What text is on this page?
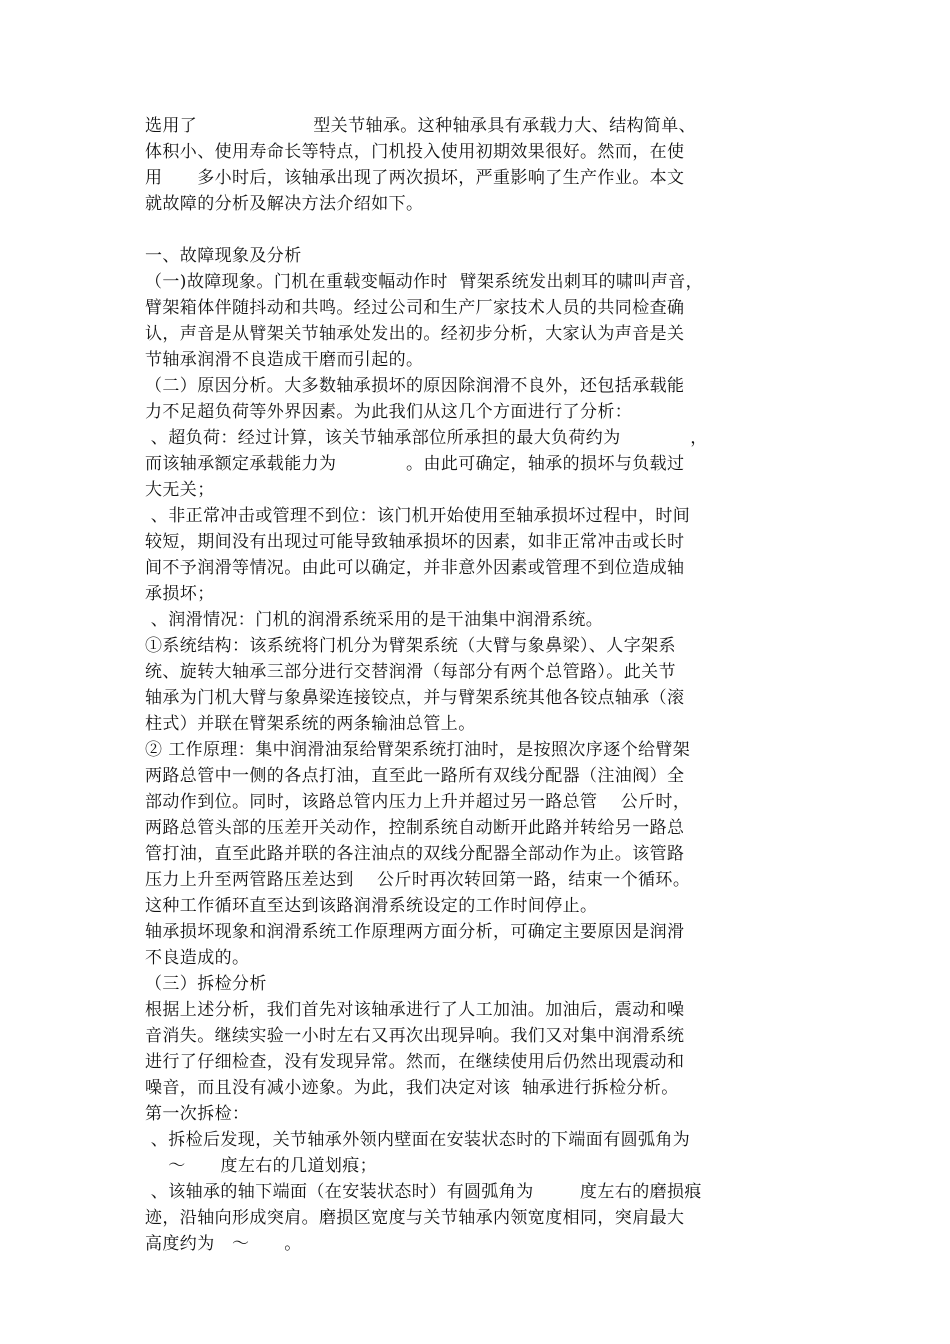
选用了                    型关节轴承。这种轴承具有承载力大、结构简单、
体积小、使用寿命长等特点，门机投入使用初期效果很好。然而，在使
用      多小时后，该轴承出现了两次损坏，严重影响了生产作业。本文
就故障的分析及解决方法介绍如下。
一、故障现象及分析
（一)故障现象。门机在重载变幅动作时  臂架系统发出刺耳的啸叫声音，
臂架箱体伴随抖动和共鸣。经过公司和生产厂家技术人员的共同检查确
认，声音是从臂架关节轴承处发出的。经初步分析，大家认为声音是关
节轴承润滑不良造成干磨而引起的。
（二）原因分析。大多数轴承损坏的原因除润滑不良外，还包括承载能
力不足超负荷等外界因素。为此我们从这几个方面进行了分析：
、超负荷：经过计算，该关节轴承部位所承担的最大负荷约为            ，
而该轴承额定承载能力为            。由此可确定，轴承的损坏与负载过
大无关；
、非正常冲击或管理不到位：该门机开始使用至轴承损坏过程中，时间
较短，期间没有出现过可能导致轴承损坏的因素，如非正常冲击或长时
间不予润滑等情况。由此可以确定，并非意外因素或管理不到位造成轴
承损坏；
、润滑情况：门机的润滑系统采用的是干油集中润滑系统。
①系统结构：该系统将门机分为臂架系统（大臂与象鼻梁）、人字架系
统、旋转大轴承三部分进行交替润滑（每部分有两个总管路）。此关节
轴承为门机大臂与象鼻梁连接铰点，并与臂架系统其他各铰点轴承（滚
柱式）并联在臂架系统的两条输油总管上。
② 工作原理：集中润滑油泵给臂架系统打油时，是按照次序逐个给臂架
两路总管中一侧的各点打油，直至此一路所有双线分配器（注油阀）全
部动作到位。同时，该路总管内压力上升并超过另一路总管    公斤时，
两路总管头部的压差开关动作，控制系统自动断开此路并转给另一路总
管打油，直至此路并联的各注油点的双线分配器全部动作为止。该管路
压力上升至两管路压差达到    公斤时再次转回第一路，结束一个循环。
这种工作循环直至达到该路润滑系统设定的工作时间停止。
轴承损坏现象和润滑系统工作原理两方面分析，可确定主要原因是润滑
不良造成的。
（三）拆检分析
根据上述分析，我们首先对该轴承进行了人工加油。加油后，震动和噪
音消失。继续实验一小时左右又再次出现异响。我们又对集中润滑系统
进行了仔细检查，没有发现异常。然而，在继续使用后仍然出现震动和
噪音，而且没有减小迹象。为此，我们决定对该  轴承进行拆检分析。
第一次拆检：
、拆检后发现，关节轴承外领内壁面在安装状态时的下端面有圆弧角为
～      度左右的几道划痕；
、该轴承的轴下端面（在安装状态时）有圆弧角为        度左右的磨损痕
迹，沿轴向形成突肩。磨损区宽度与关节轴承内领宽度相同，突肩最大
高度约为   ～      。
